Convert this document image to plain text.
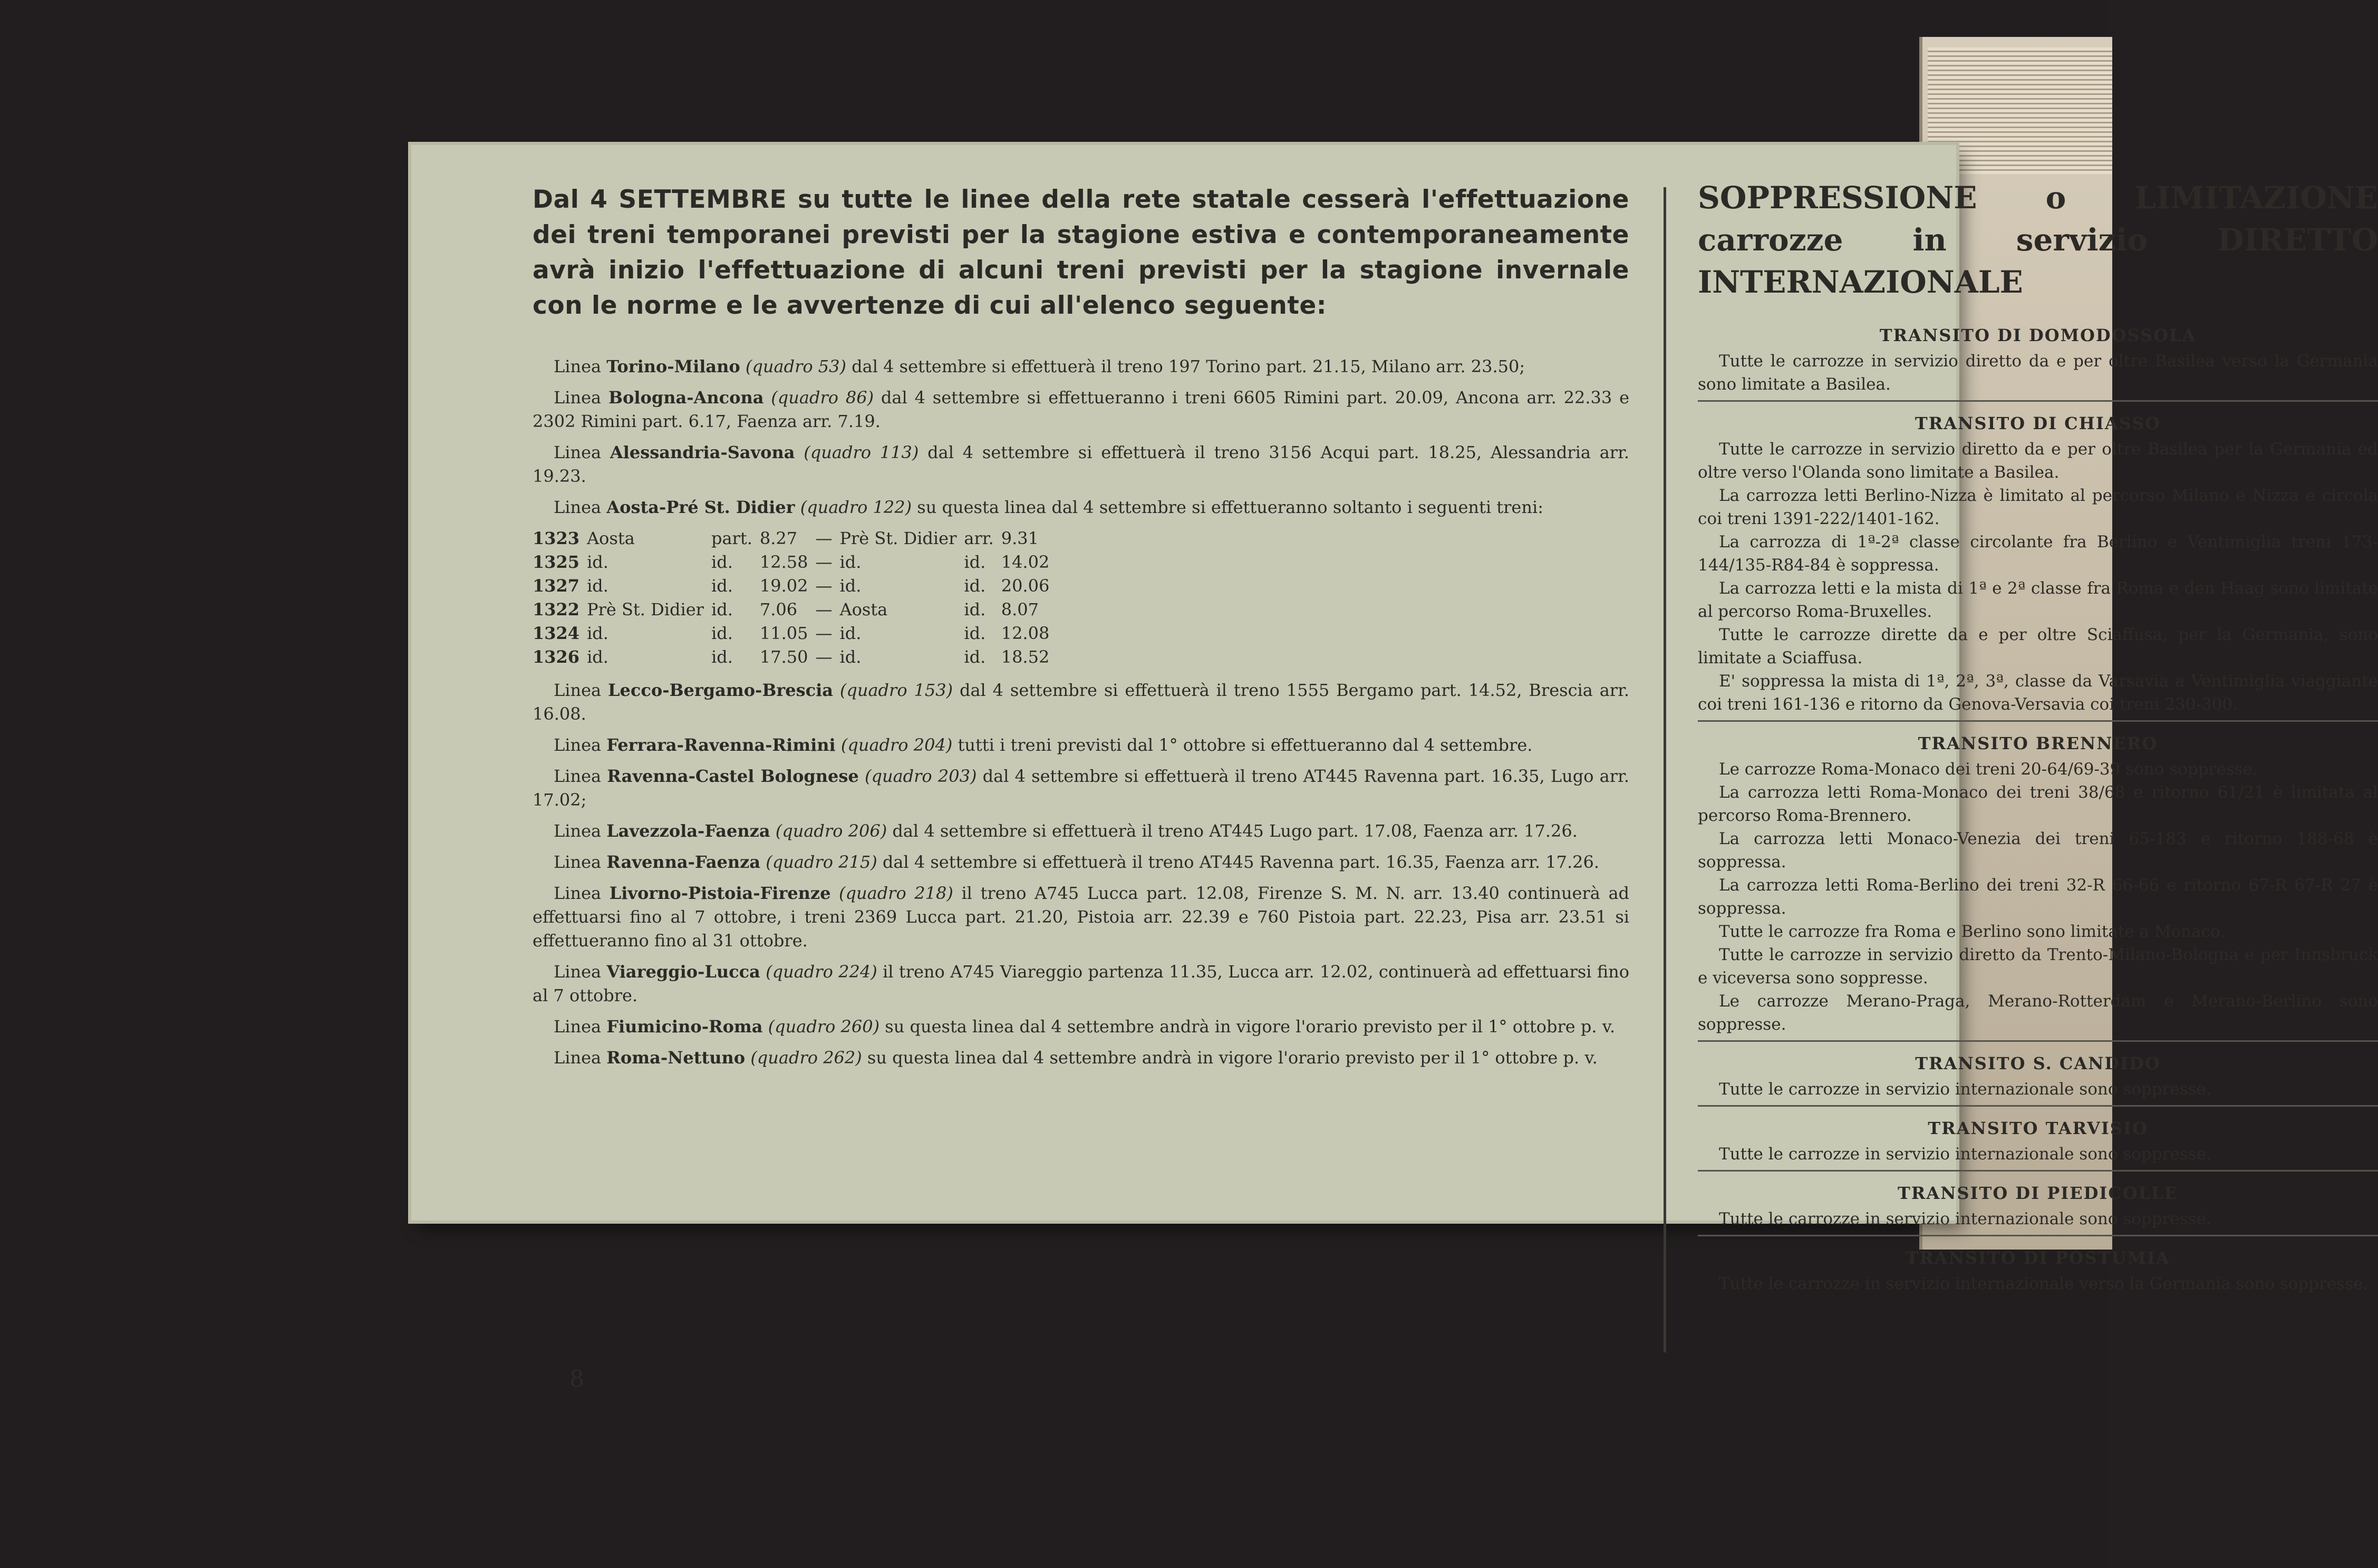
Dal 4 SETTEMBRE su tutte le linee della rete statale cesserà l'effettuazione dei treni temporanei previsti per la stagione estiva e contemporaneamente avrà inizio l'effettuazione di alcuni treni previsti per la stagione invernale con le norme e le avvertenze di cui all'elenco seguente:

Linea Torino-Milano (quadro 53) dal 4 settembre si effettuerà il treno 197 Torino part. 21.15, Milano arr. 23.50;

Linea Bologna-Ancona (quadro 86) dal 4 settembre si effettueranno i treni 6605 Rimini part. 20.09, Ancona arr. 22.33 e 2302 Rimini part. 6.17, Faenza arr. 7.19.

Linea Alessandria-Savona (quadro 113) dal 4 settembre si effettuerà il treno 3156 Acqui part. 18.25, Alessandria arr. 19.23.

Linea Aosta-Pré St. Didier (quadro 122) su questa linea dal 4 settembre si effettueranno soltanto i seguenti treni:

1323	Aosta	part.	8.27	—	Prè St. Didier	arr.	9.31
1325	id.	id.	12.58	—	id.	id.	14.02
1327	id.	id.	19.02	—	id.	id.	20.06
1322	Prè St. Didier	id.	7.06	—	Aosta	id.	8.07
1324	id.	id.	11.05	—	id.	id.	12.08
1326	id.	id.	17.50	—	id.	id.	18.52

Linea Lecco-Bergamo-Brescia (quadro 153) dal 4 settembre si effettuerà il treno 1555 Bergamo part. 14.52, Brescia arr. 16.08.

Linea Ferrara-Ravenna-Rimini (quadro 204) tutti i treni previsti dal 1° ottobre si effettueranno dal 4 settembre.

Linea Ravenna-Castel Bolognese (quadro 203) dal 4 settembre si effettuerà il treno AT445 Ravenna part. 16.35, Lugo arr. 17.02;

Linea Lavezzola-Faenza (quadro 206) dal 4 settembre si effettuerà il treno AT445 Lugo part. 17.08, Faenza arr. 17.26.

Linea Ravenna-Faenza (quadro 215) dal 4 settembre si effettuerà il treno AT445 Ravenna part. 16.35, Faenza arr. 17.26.

Linea Livorno-Pistoia-Firenze (quadro 218) il treno A745 Lucca part. 12.08, Firenze S. M. N. arr. 13.40 continuerà ad effettuarsi fino al 7 ottobre, i treni 2369 Lucca part. 21.20, Pistoia arr. 22.39 e 760 Pistoia part. 22.23, Pisa arr. 23.51 si effettueranno fino al 31 ottobre.

Linea Viareggio-Lucca (quadro 224) il treno A745 Viareggio partenza 11.35, Lucca arr. 12.02, continuerà ad effettuarsi fino al 7 ottobre.

Linea Fiumicino-Roma (quadro 260) su questa linea dal 4 settembre andrà in vigore l'orario previsto per il 1° ottobre p. v.

Linea Roma-Nettuno (quadro 262) su questa linea dal 4 settembre andrà in vigore l'orario previsto per il 1° ottobre p. v.

SOPPRESSIONE o LIMITAZIONE carrozze in servizio DIRETTO INTERNAZIONALE
TRANSITO DI DOMODOSSOLA

Tutte le carrozze in servizio diretto da e per oltre Basilea verso la Germania sono limitate a Basilea.

TRANSITO DI CHIASSO

Tutte le carrozze in servizio diretto da e per oltre Basilea per la Germania ed oltre verso l'Olanda sono limitate a Basilea.

La carrozza letti Berlino-Nizza è limitato al percorso Milano e Nizza e circola coi treni 1391-222/1401-162.

La carrozza di 1ª-2ª classe circolante fra Berlino e Ventimiglia treni 173-144/135-R84-84 è soppressa.

La carrozza letti e la mista di 1ª e 2ª classe fra Roma e den Haag sono limitate al percorso Roma-Bruxelles.

Tutte le carrozze dirette da e per oltre Sciaffusa, per la Germania, sono limitate a Sciaffusa.

E' soppressa la mista di 1ª, 2ª, 3ª, classe da Varsavia a Ventimiglia viaggiante coi treni 161-136 e ritorno da Genova-Versavia coi treni 230-300.

TRANSITO BRENNERO

Le carrozze Roma-Monaco dei treni 20-64/69-39 sono soppresse.

La carrozza letti Roma-Monaco dei treni 38/68 e ritorno 61/21 è limitata al percorso Roma-Brennero.

La carrozza letti Monaco-Venezia dei treni 65-183 e ritorno 188-68 è soppressa.

La carrozza letti Roma-Berlino dei treni 32-R 66-66 e ritorno 67-R 67-R 27 è soppressa.

Tutte le carrozze fra Roma e Berlino sono limitate a Monaco.

Tutte le carrozze in servizio diretto da Trento-Milano-Bologna e per Innsbruck e viceversa sono soppresse.

Le carrozze Merano-Praga, Merano-Rotterdam e Merano-Berlino sono soppresse.

TRANSITO S. CANDIDO

Tutte le carrozze in servizio internazionale sono soppresse.

TRANSITO TARVISIO

Tutte le carrozze in servizio internazionale sono soppresse.

TRANSITO DI PIEDICOLLE

Tutte le carrozze in servizio internazionale sono soppresse.

TRANSITO DI POSTUMIA

Tutte le carrozze in servizio internazionale verso la Germania sono soppresse.

8
